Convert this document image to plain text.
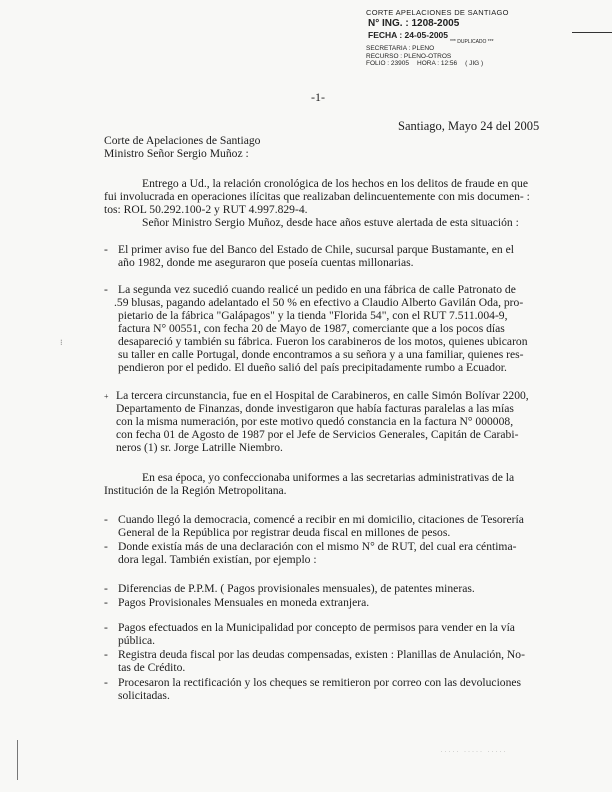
CORTE APELACIONES DE SANTIAGO
N° ING. : 1208-2005
FECHA : 24-05-2005
*** DUPLICADO ***
SECRETARIA : PLENO
RECURSO : PLENO-OTROS
FOLIO : 23905 HORA : 12:56 ( JIG )
⁝
····· ····· ·····
-1-
Santiago, Mayo 24 del 2005
Corte de Apelaciones de Santiago
Ministro Señor Sergio Muñoz :
Entrego a Ud., la relación cronológica de los hechos en los delitos de fraude en que
fui involucrada en operaciones ilícitas que realizaban delincuentemente con mis documen- :
tos: ROL 50.292.100-2 y RUT 4.997.829-4.
Señor Ministro Sergio Muñoz, desde hace años estuve alertada de esta situación :
- El primer aviso fue del Banco del Estado de Chile, sucursal parque Bustamante, en el
año 1982, donde me aseguraron que poseía cuentas millonarias.
- La segunda vez sucedió cuando realicé un pedido en una fábrica de calle Patronato de
.59 blusas, pagando adelantado el 50 % en efectivo a Claudio Alberto Gavilán Oda, pro-
pietario de la fábrica "Galápagos" y la tienda "Florida 54", con el RUT 7.511.004-9,
factura N° 00551, con fecha 20 de Mayo de 1987, comerciante que a los pocos días
desapareció y también su fábrica. Fueron los carabineros de los motos, quienes ubicaron
su taller en calle Portugal, donde encontramos a su señora y a una familiar, quienes res-
pendieron por el pedido. El dueño salió del país precipitadamente rumbo a Ecuador.
+ La tercera circunstancia, fue en el Hospital de Carabineros, en calle Simón Bolívar 2200,
Departamento de Finanzas, donde investigaron que había facturas paralelas a las mías
con la misma numeración, por este motivo quedó constancia en la factura N° 000008,
con fecha 01 de Agosto de 1987 por el Jefe de Servicios Generales, Capitán de Carabi-
neros (1) sr. Jorge Latrille Niembro.
En esa época, yo confeccionaba uniformes a las secretarias administrativas de la
Institución de la Región Metropolitana.
- Cuando llegó la democracia, comencé a recibir en mi domicilio, citaciones de Tesorería
General de la República por registrar deuda fiscal en millones de pesos.
- Donde existía más de una declaración con el mismo N° de RUT, del cual era céntima-
dora legal. También existían, por ejemplo :
- Diferencias de P.P.M. ( Pagos provisionales mensuales), de patentes mineras.
- Pagos Provisionales Mensuales en moneda extranjera.
- Pagos efectuados en la Municipalidad por concepto de permisos para vender en la vía
pública.
- Registra deuda fiscal por las deudas compensadas, existen : Planillas de Anulación, No-
tas de Crédito.
- Procesaron la rectificación y los cheques se remitieron por correo con las devoluciones
solicitadas.
